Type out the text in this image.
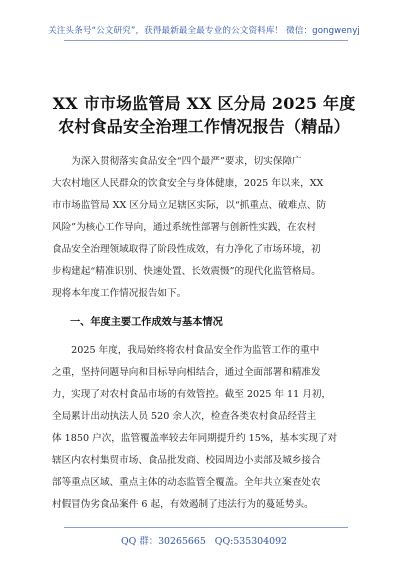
关注头条号“公文研究”，获得最新最全最专业的公文资料库！ 微信：gongwenyj
XX 市市场监管局 XX 区分局 2025 年度
农村食品安全治理工作情况报告（精品）
　　为深入贯彻落实食品安全“四个最严”要求，切实保障广
大农村地区人民群众的饮食安全与身体健康，2025 年以来，XX
市市场监管局 XX 区分局立足辖区实际，以“抓重点、破难点、防
风险”为核心工作导向，通过系统性部署与创新性实践，在农村
食品安全治理领域取得了阶段性成效，有力净化了市场环境，初
步构建起“精准识别、快速处置、长效震慑”的现代化监管格局。
现将本年度工作情况报告如下。
一、年度主要工作成效与基本情况
　　2025 年度，我局始终将农村食品安全作为监管工作的重中
之重，坚持问题导向和目标导向相结合，通过全面部署和精准发
力，实现了对农村食品市场的有效管控。截至 2025 年 11 月初，
全局累计出动执法人员 520 余人次，检查各类农村食品经营主
体 1850 户次，监管覆盖率较去年同期提升约 15%，基本实现了对
辖区内农村集贸市场、食品批发商、校园周边小卖部及城乡接合
部等重点区域、重点主体的动态监管全覆盖。全年共立案查处农
村假冒伪劣食品案件 6 起，有效遏制了违法行为的蔓延势头。
QQ 群：30265665 QQ:535304092
